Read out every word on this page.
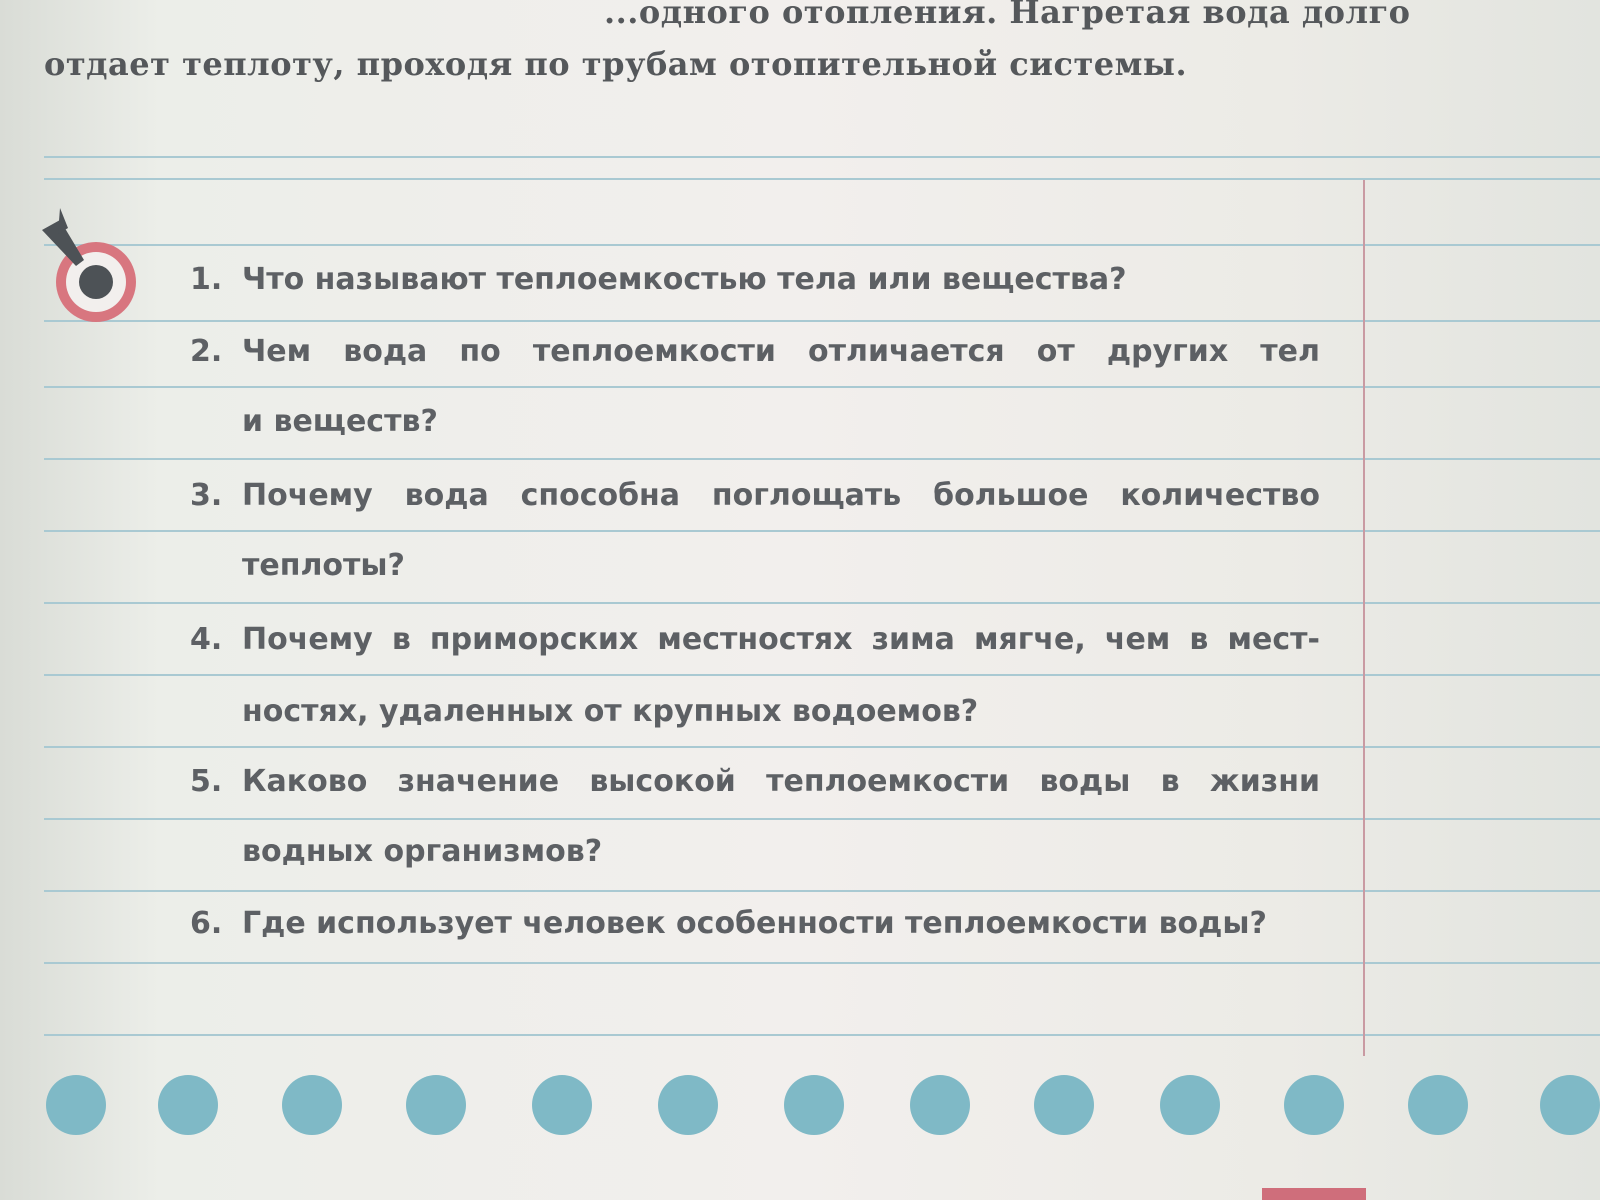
...одного отопления. Нагретая вода долго
отдает теплоту, проходя по трубам отопительной системы.
1. Что называют теплоемкостью тела или вещества?
2. Чем вода по теплоемкости отличается от других тел
и веществ?
3. Почему вода способна поглощать большое количество
теплоты?
4. Почему в приморских местностях зима мягче, чем в мест-
ностях, удаленных от крупных водоемов?
5. Каково значение высокой теплоемкости воды в жизни
водных организмов?
6. Где использует человек особенности теплоемкости воды?
